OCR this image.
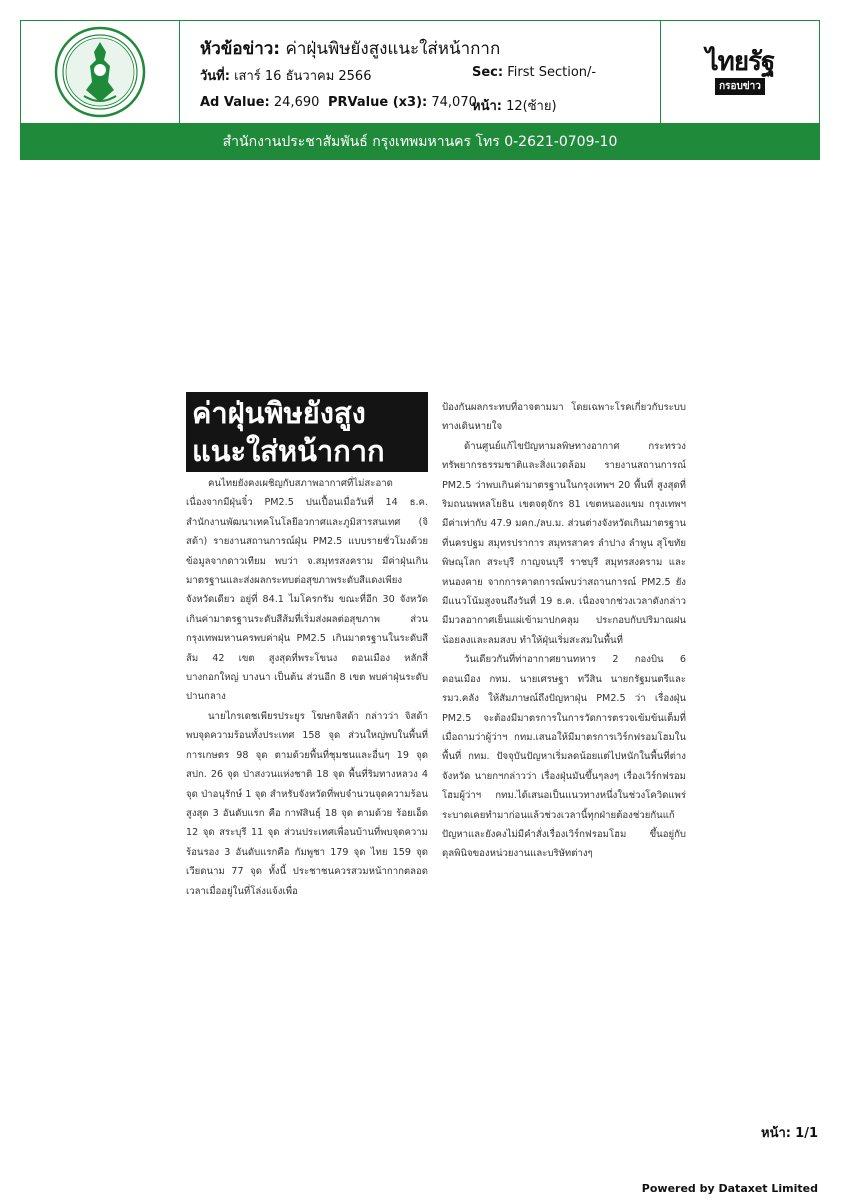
หัวข้อข่าว: ค่าฝุ่นพิษยังสูงแนะใส่หน้ากาก
วันที่: เสาร์ 16 ธันวาคม 2566	Sec: First Section/-
Ad Value: 24,690 PRValue (x3): 74,070
หน้า: 12(ซ้าย)
ไทยรัฐ
กรอบข่าว
สำนักงานประชาสัมพันธ์ กรุงเทพมหานคร โทร 0-2621-0709-10
ค่าฝุ่นพิษยังสูง แนะใส่หน้ากาก

คนไทยยังคงเผชิญกับสภาพอากาศที่ไม่สะอาดเนื่องจากมีฝุ่นจิ๋ว PM2.5 ปนเปื้อนเมื่อวันที่ 14 ธ.ค. สำนักงานพัฒนาเทคโนโลยีอวกาศและภูมิสารสนเทศ (จิสด้า) รายงานสถานการณ์ฝุ่น PM2.5 แบบรายชั่วโมงด้วยข้อมูลจากดาวเทียม พบว่า จ.สมุทรสงคราม มีค่าฝุ่นเกินมาตรฐานและส่งผลกระทบต่อสุขภาพระดับสีแดงเพียงจังหวัดเดียว อยู่ที่ 84.1 ไมโครกรัม ขณะที่อีก 30 จังหวัดเกินค่ามาตรฐานระดับสีส้มที่เริ่มส่งผลต่อสุขภาพ ส่วนกรุงเทพมหานครพบค่าฝุ่น PM2.5 เกินมาตรฐานในระดับสีส้ม 42 เขต สูงสุดที่พระโขนง ดอนเมือง หลักสี่ บางกอกใหญ่ บางนา เป็นต้น ส่วนอีก 8 เขต พบค่าฝุ่นระดับปานกลาง

นายไกรเดชเพียรประยูร โฆษกจิสด้า กล่าวว่า จิสด้าพบจุดความร้อนทั้งประเทศ 158 จุด ส่วนใหญ่พบในพื้นที่การเกษตร 98 จุด ตามด้วยพื้นที่ชุมชนและอื่นๆ 19 จุด สปก. 26 จุด ป่าสงวนแห่งชาติ 18 จุด พื้นที่ริมทางหลวง 4 จุด ป่าอนุรักษ์ 1 จุด สำหรับจังหวัดที่พบจำนวนจุดความร้อนสูงสุด 3 อันดับแรก คือ กาฬสินธุ์ 18 จุด ตามด้วย ร้อยเอ็ด 12 จุด สระบุรี 11 จุด ส่วนประเทศเพื่อนบ้านที่พบจุดความร้อนรอง 3 อันดับแรกคือ กัมพูชา 179 จุด ไทย 159 จุด เวียดนาม 77 จุด ทั้งนี้ ประชาชนควรสวมหน้ากากตลอดเวลาเมื่ออยู่ในที่โล่งแจ้งเพื่อ

ป้องกันผลกระทบที่อาจตามมา โดยเฉพาะโรคเกี่ยวกับระบบทางเดินหายใจ

ด้านศูนย์แก้ไขปัญหามลพิษทางอากาศ กระทรวงทรัพยากรธรรมชาติและสิ่งแวดล้อม รายงานสถานการณ์ PM2.5 ว่าพบเกินค่ามาตรฐานในกรุงเทพฯ 20 พื้นที่ สูงสุดที่ริมถนนพหลโยธิน เขตจตุจักร 81 เขตหนองแขม กรุงเทพฯ มีค่าเท่ากับ 47.9 มคก./ลบ.ม. ส่วนต่างจังหวัดเกินมาตรฐานที่นครปฐม สมุทรปราการ สมุทรสาคร ลำปาง ลำพูน สุโขทัย พิษณุโลก สระบุรี กาญจนบุรี ราชบุรี สมุทรสงคราม และหนองคาย จากการคาดการณ์พบว่าสถานการณ์ PM2.5 ยังมีแนวโน้มสูงจนถึงวันที่ 19 ธ.ค. เนื่องจากช่วงเวลาดังกล่าวมีมวลอากาศเย็นแผ่เข้ามาปกคลุม ประกอบกับปริมาณฝนน้อยลงและลมสงบ ทำให้ฝุ่นเริ่มสะสมในพื้นที่

วันเดียวกันที่ท่าอากาศยานทหาร 2 กองบิน 6 ดอนเมือง กทม. นายเศรษฐา ทวีสิน นายกรัฐมนตรีและ รมว.คลัง ให้สัมภาษณ์ถึงปัญหาฝุ่น PM2.5 ว่า เรื่องฝุ่น PM2.5 จะต้องมีมาตรการในการวัดการตรวจเข้มข้นเต็มที่ เมื่อถามว่าผู้ว่าฯ กทม.เสนอให้มีมาตรการเวิร์กฟรอมโฮมในพื้นที่ กทม. ปัจจุบันปัญหาเริ่มลดน้อยแต่ไปหนักในพื้นที่ต่างจังหวัด นายกฯกล่าวว่า เรื่องฝุ่นมันขึ้นๆลงๆ เรื่องเวิร์กฟรอมโฮมผู้ว่าฯ กทม.ได้เสนอเป็นแนวทางหนึ่งในช่วงโควิดแพร่ระบาดเคยทำมาก่อนแล้วช่วงเวลานี้ทุกฝ่ายต้องช่วยกันแก้ปัญหาและยังคงไม่มีคำสั่งเรื่องเวิร์กฟรอมโฮม ขึ้นอยู่กับดุลพินิจของหน่วยงานและบริษัทต่างๆ

หน้า: 1/1
Powered by Dataxet Limited
